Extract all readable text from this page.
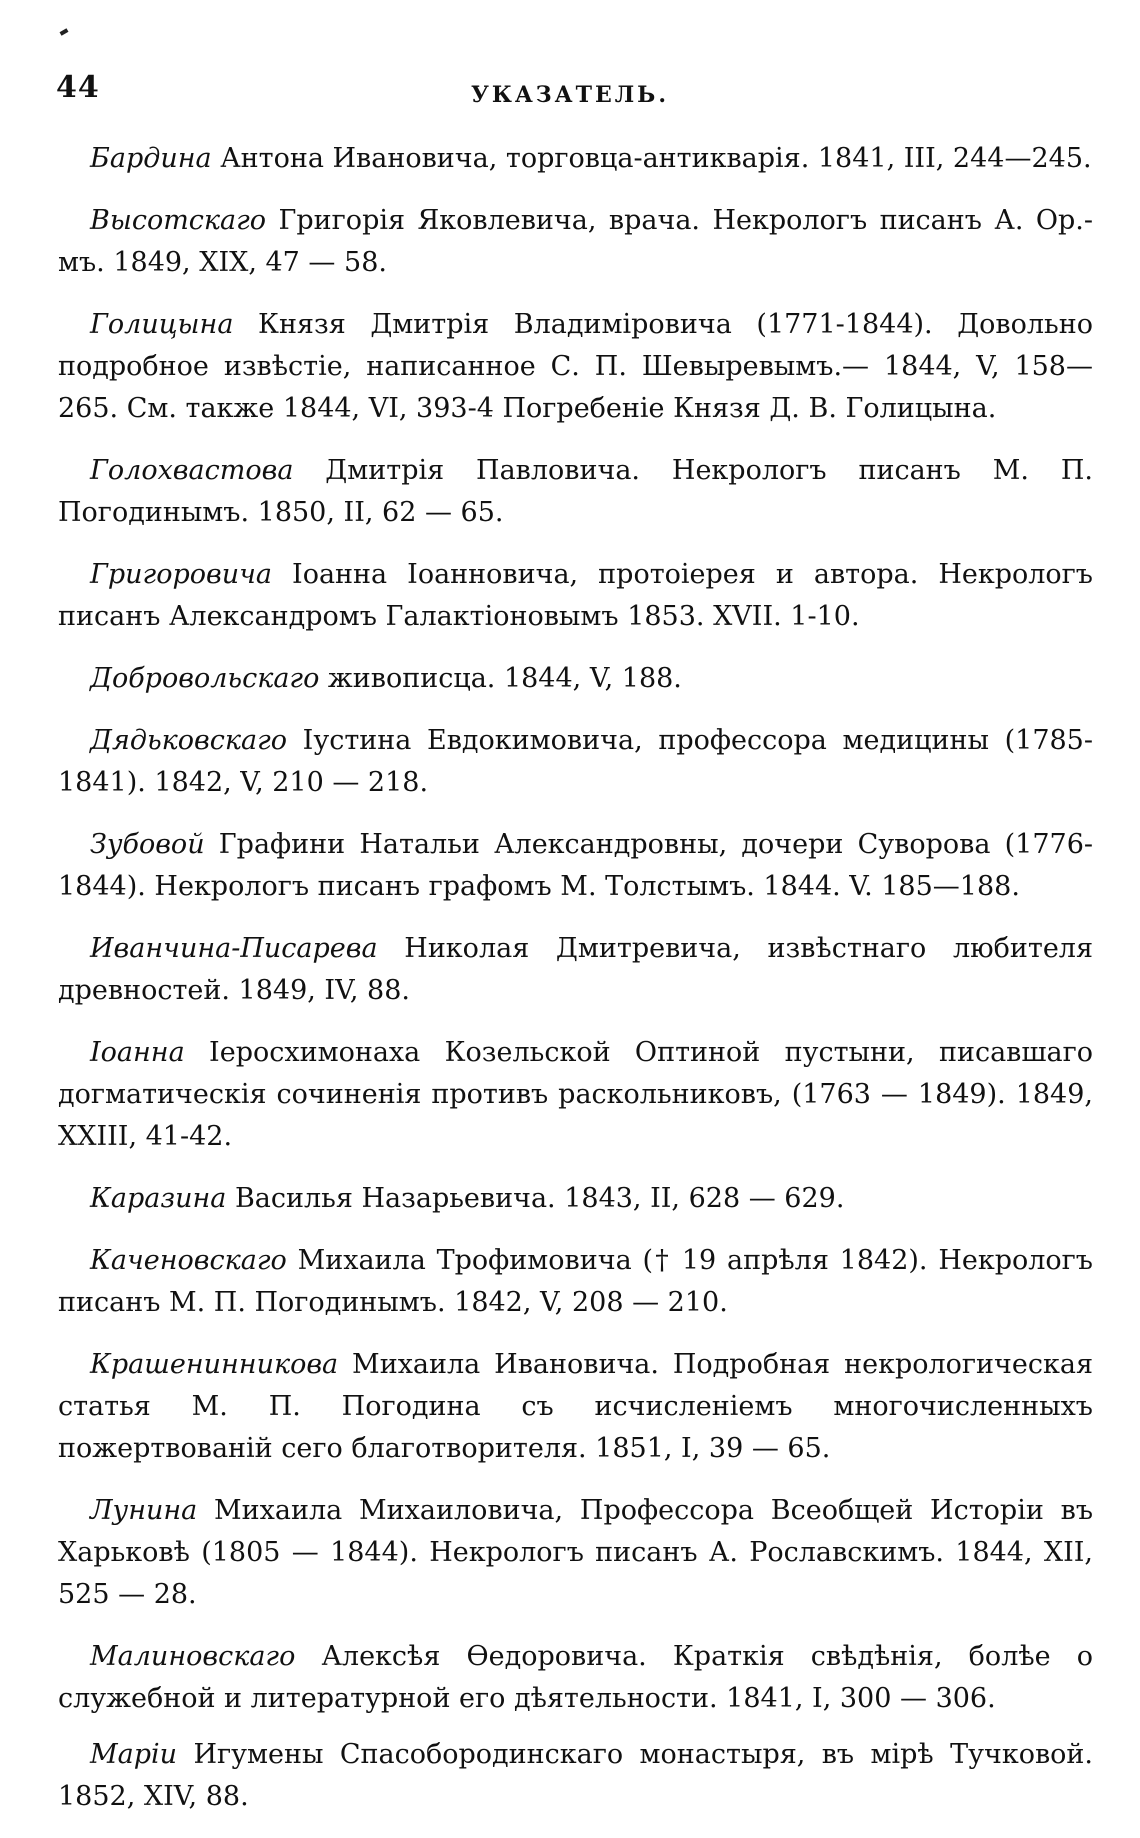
44	УКАЗАТЕЛЬ.

Бардина Антона Ивановича, торговца-антикварія. 1841, III, 244—245.

Высотскаго Григорія Яковлевича, врача. Некрологъ писанъ А. Ор.-мъ. 1849, XIX, 47 — 58.

Голицына Князя Дмитрія Владиміровича (1771-1844). Довольно подробное извѣстіе, написанное С. П. Шевыревымъ.— 1844, V, 158—265. См. также 1844, VI, 393-4 Погребеніе Князя Д. В. Голицына.

Голохвастова Дмитрія Павловича. Некрологъ писанъ М. П. Погодинымъ. 1850, II, 62 — 65.

Григоровича Іоанна Іоанновича, протоіерея и автора. Некрологъ писанъ Александромъ Галактіоновымъ 1853. XVII. 1-10.

Добровольскаго живописца. 1844, V, 188.

Дядьковскаго Іустина Евдокимовича, профессора медицины (1785-1841). 1842, V, 210 — 218.

Зубовой Графини Натальи Александровны, дочери Суворова (1776-1844). Некрологъ писанъ графомъ М. Толстымъ. 1844. V. 185—188.

Иванчина-Писарева Николая Дмитревича, извѣстнаго любителя древностей. 1849, IV, 88.

Іоанна Іеросхимонаха Козельской Оптиной пустыни, писавшаго догматическія сочиненія противъ раскольниковъ, (1763 — 1849). 1849, XXIII, 41-42.

Каразина Василья Назарьевича. 1843, II, 628 — 629.

Каченовскаго Михаила Трофимовича († 19 апрѣля 1842). Некрологъ писанъ М. П. Погодинымъ. 1842, V, 208 — 210.

Крашенинникова Михаила Ивановича. Подробная некрологическая статья М. П. Погодина съ исчисленіемъ многочисленныхъ пожертвованій сего благотворителя. 1851, I, 39 — 65.

Лунина Михаила Михаиловича, Профессора Всеобщей Исторіи въ Харьковѣ (1805 — 1844). Некрологъ писанъ А. Рославскимъ. 1844, XII, 525 — 28.

Малиновскаго Алексѣя Ѳедоровича. Краткія свѣдѣнія, болѣе о служебной и литературной его дѣятельности. 1841, I, 300 — 306.

Маріи Игумены Спасобородинскаго монастыря, въ мірѣ Тучковой. 1852, XIV, 88.
